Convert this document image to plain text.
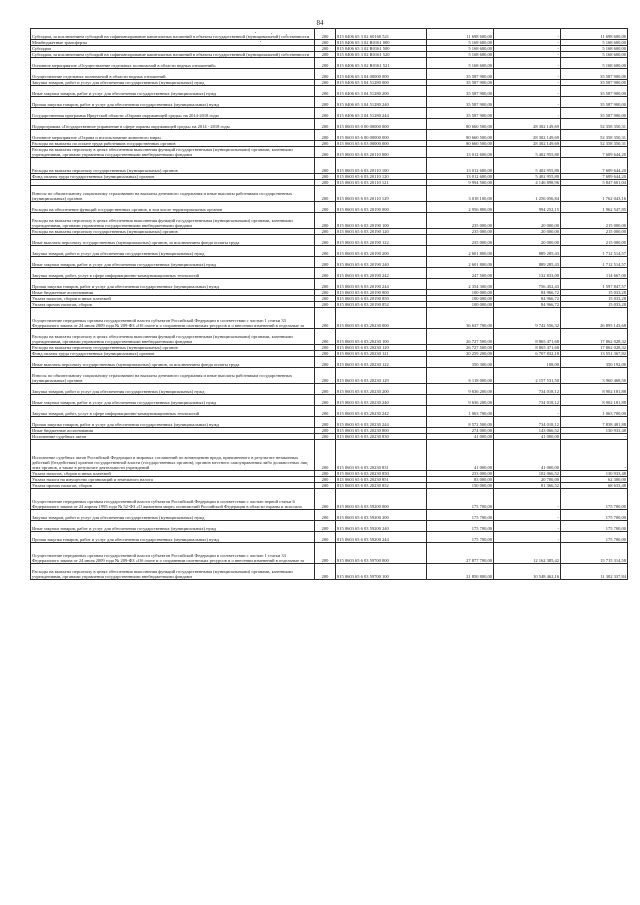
84
Субсидии, за исключением субсидий на софинансирование капитальных вложений в объекты государственной (муниципальной) собственности	200	815 0406 65 3 02 S0160 521	11 698 600,00	-	11 698 600,00
Межбюджетные трансферты	200	815 0406 65 3 02 R0161 000	5 168 600,00	-	5 168 600,00
Субсидии	200	815 0406 65 3 02 R0161 500	5 168 600,00	-	5 168 600,00
Субсидии, за исключением субсидий на софинансирование капитальных вложений в объекты государственной (муниципальной) собственности	200	815 0406 65 3 02 R0161 520	5 168 600,00	-	5 168 600,00
Основное мероприятие «Осуществление отдельных полномочий в области водных отношений»	200	815 0406 65 3 02 R0161 521	5 168 600,00	-	5 168 600,00
Осуществление отдельных полномочий в области водных отношений	200	815 0406 65 3 04 00000 000	35 587 900,00	-	35 587 900,00
Закупка товаров, работ и услуг для обеспечения государственных (муниципальных) нужд	200	815 0406 65 3 04 51280 000	35 587 900,00	-	35 587 900,00
Иные закупки товаров, работ и услуг для обеспечения государственных (муниципальных) нужд	200	815 0406 65 3 04 51280 200	35 587 900,00	-	35 587 900,00
Прочая закупка товаров, работ и услуг для обеспечения государственных (муниципальных) нужд	200	815 0406 65 3 04 51280 240	35 587 900,00	-	35 587 900,00
Государственная программа Иркутской области «Охрана окружающей среды» на 2014-2018 годы	200	815 0406 65 3 04 51280 244	35 587 900,00	-	35 587 900,00
Подпрограмма «Государственное управление в сфере охраны окружающей среды» на 2014 - 2018 годы	200	815 0603 65 0 00 00000 000	80 660 500,00	28 302 149,69	52 358 350,31
Основное мероприятие «Охрана и использование животного мира»	200	815 0603 65 6 00 00000 000	80 660 500,00	28 302 149,69	52 358 350,31
Расходы на выплаты по оплате труда работников государственных органов	200	815 0603 65 6 03 00000 000	80 660 500,00	28 302 149,69	52 358 350,31
Расходы на выплаты персоналу в целях обеспечения выполнения функций государственными (муниципальными) органами, казенными учреждениями, органами управления государственными внебюджетными фондами	200	815 0603 65 6 03 20110 000	13 012 600,00	5 402 955,80	7 609 644,20
Расходы на выплаты персоналу государственных (муниципальных) органов	200	815 0603 65 6 03 20110 100	13 012 600,00	5 402 955,80	7 609 644,20
Фонд оплаты труда государственных (муниципальных) органов	200	815 0603 65 6 03 20110 120	13 012 600,00	5 402 955,80	7 609 644,20
	200	815 0603 65 6 03 20110 121	9 994 500,00	4 146 898,96	5 847 601,04
Взносы по обязательному социальному страхованию на выплаты денежного содержания и иные выплаты работникам государственных (муниципальных) органов	200	815 0603 65 6 03 20110 129	3 018 100,00	1 256 056,84	1 762 043,16
Расходы на обеспечение функций государственных органов, в том числе территориальных органов	200	815 0603 65 6 03 20190 000	2 956 800,00	994 252,15	1 962 547,85
Расходы на выплаты персоналу в целях обеспечения выполнения функций государственными (муниципальными) органами, казенными учреждениями, органами управления государственными внебюджетными фондами	200	815 0603 65 6 03 20190 100	235 000,00	20 000,00	215 000,00
Расходы на выплаты персоналу государственных (муниципальных) органов	200	815 0603 65 6 03 20190 120	235 000,00	20 000,00	215 000,00
Иные выплаты персоналу государственных (муниципальных) органов, за исключением фонда оплаты труда	200	815 0603 65 6 03 20190 122	235 000,00	20 000,00	215 000,00
Закупка товаров, работ и услуг для обеспечения государственных (муниципальных) нужд	200	815 0603 65 6 03 20190 200	2 601 800,00	889 285,43	1 712 514,57
Иные закупки товаров, работ и услуг для обеспечения государственных (муниципальных) нужд	200	815 0603 65 6 03 20190 240	2 601 800,00	889 285,43	1 712 514,57
Закупка товаров, работ, услуг в сфере информационно-коммуникационных технологий	200	815 0603 65 6 03 20190 242	247 500,00	132 833,00	114 667,00
Прочая закупка товаров, работ и услуг для обеспечения государственных (муниципальных) нужд	200	815 0603 65 6 03 20190 244	2 354 300,00	756 452,43	1 597 847,57
Иные бюджетные ассигнования	200	815 0603 65 6 03 20190 800	100 000,00	84 966,72	15 033,28
Уплата налогов, сборов и иных платежей	200	815 0603 65 6 03 20190 850	100 000,00	84 966,72	15 033,28
Уплата прочих налогов, сборов	200	815 0603 65 6 03 20190 852	100 000,00	84 966,72	15 033,28
Осуществление переданных органам государственной власти субъектов Российской Федерации в соответствии с частью 1 статьи 33 Федерального закона от 24 июля 2009 года № 209-ФЗ «Об охоте и о сохранении охотничьих ресурсов и о внесении изменений в отдельные за	200	815 0603 65 6 03 20230 000	36 637 700,00	9 742 556,32	26 895 143,68
Расходы на выплаты персоналу в целях обеспечения выполнения функций государственными (муниципальными) органами, казенными учреждениями, органами управления государственными внебюджетными фондами	200	815 0603 65 6 03 20230 100	26 727 500,00	8 865 471,68	17 862 028,32
Расходы на выплаты персоналу государственных (муниципальных) органов	200	815 0603 65 6 03 20230 120	26 727 500,00	8 865 471,68	17 862 028,32
Фонд оплаты труда государственных (муниципальных) органов	200	815 0603 65 6 03 20230 121	20 259 200,00	6 707 832,18	13 551 367,82
Иные выплаты персоналу государственных (муниципальных) органов, за исключением фонда оплаты труда	200	815 0603 65 6 03 20230 122	350 300,00	108,00	350 192,00
Взносы по обязательному социальному страхованию на выплаты денежного содержания и иные выплаты работникам государственных (муниципальных) органов	200	815 0603 65 6 03 20230 129	6 118 000,00	2 157 531,50	3 960 468,50
Закупка товаров, работ и услуг для обеспечения государственных (муниципальных) нужд	200	815 0603 65 6 03 20230 200	9 636 200,00	734 018,12	8 902 181,88
Иные закупки товаров, работ и услуг для обеспечения государственных (муниципальных) нужд	200	815 0603 65 6 03 20230 240	9 636 200,00	734 018,12	8 902 181,88
Закупка товаров, работ, услуг в сфере информационно-коммуникационных технологий	200	815 0603 65 6 03 20230 242	1 063 700,00	-	1 063 700,00
Прочая закупка товаров, работ и услуг для обеспечения государственных (муниципальных) нужд	200	815 0603 65 6 03 20230 244	8 572 500,00	734 018,12	7 838 481,88
Иные бюджетные ассигнования	200	815 0603 65 6 03 20230 800	274 000,00	143 066,52	130 933,48
Исполнение судебных актов	200	815 0603 65 6 03 20230 830	41 000,00	41 000,00	-
Исполнение судебных актов Российской Федерации и мировых соглашений по возмещению вреда, причиненного в результате незаконных действий (бездействия) органов государственной власти (государственных органов), органов местного самоуправления либо должностных лиц этих органов, а также в результате деятельности учреждений	200	815 0603 65 6 03 20230 831	41 000,00	41 000,00	-
Уплата налогов, сборов и иных платежей	200	815 0603 65 6 03 20230 850	233 000,00	102 066,52	130 933,48
Уплата налога на имущество организаций и земельного налога	200	815 0603 65 6 03 20230 851	83 000,00	20 700,00	62 300,00
Уплата прочих налогов, сборов	200	815 0603 65 6 03 20230 852	150 000,00	81 366,52	68 633,48
Осуществление переданных органам государственной власти субъектов Российской Федерации в соответствии с частью первой статьи 6 Федерального закона от 24 апреля 1995 года № 52-ФЗ «О животном мире» полномочий Российской Федерации в области охраны и использо	200	815 0603 65 6 03 59200 000	175 700,00	-	175 700,00
Закупка товаров, работ и услуг для обеспечения государственных (муниципальных) нужд	200	815 0603 65 6 03 59200 200	175 700,00	-	175 700,00
Иные закупки товаров, работ и услуг для обеспечения государственных (муниципальных) нужд	200	815 0603 65 6 03 59200 240	175 700,00	-	175 700,00
Прочая закупка товаров, работ и услуг для обеспечения государственных (муниципальных) нужд	200	815 0603 65 6 03 59200 244	175 700,00	-	175 700,00
Осуществление переданных органам государственной власти субъектов Российской Федерации в соответствии с частью 1 статьи 33 Федерального закона от 24 июля 2009 года № 209-ФЗ «Об охоте и о сохранении охотничьих ресурсов и о внесении изменений в отдельные за	200	815 0603 65 6 03 59700 000	27 877 700,00	12 162 385,42	15 715 314,58
Расходы на выплаты персоналу в целях обеспечения выполнения функций государственными (муниципальными) органами, казенными учреждениями, органами управления государственными внебюджетными фондами	200	815 0603 65 6 03 59700 100	21 850 800,00	10 548 462,16	11 302 337,84
